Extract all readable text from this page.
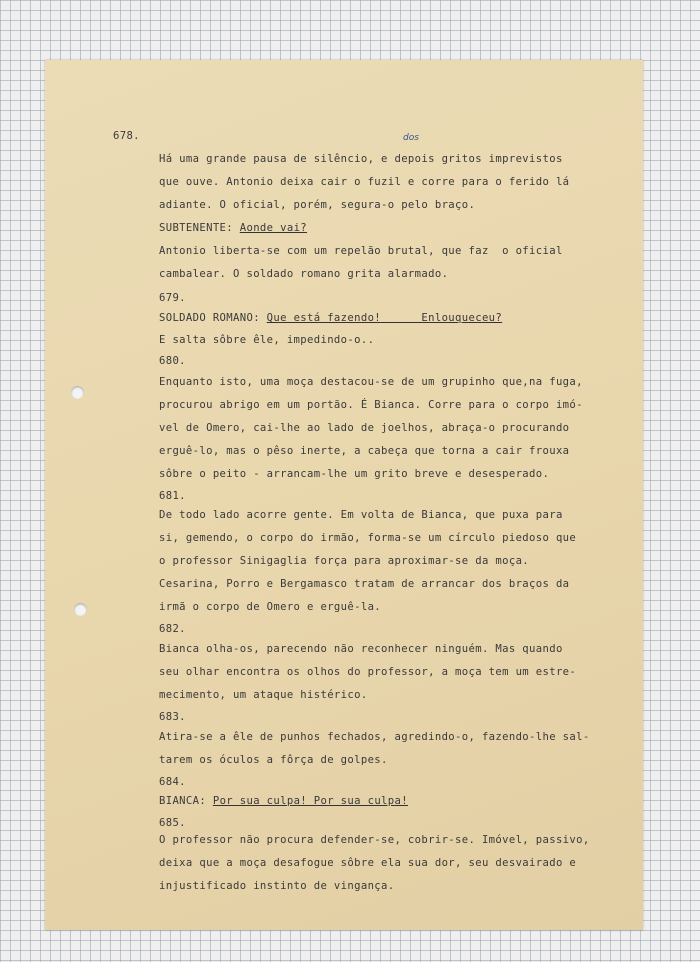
678.	dos
Há uma grande pausa de silêncio, e depois gritos imprevistos
que ouve. Antonio deixa cair o fuzil e corre para o ferido lá
adiante. O oficial, porém, segura-o pelo braço.
SUBTENENTE: Aonde vai?
Antonio liberta-se com um repelão brutal, que faz  o oficial
cambalear. O soldado romano grita alarmado.
679.
SOLDADO ROMANO: Que está fazendo!      Enlouqueceu?
E salta sôbre êle, impedindo-o..
680.
Enquanto isto, uma moça destacou-se de um grupinho que,na fuga,
procurou abrigo em um portão. É Bianca. Corre para o corpo imó-
vel de Omero, cai-lhe ao lado de joelhos, abraça-o procurando
erguê-lo, mas o pêso inerte, a cabeça que torna a cair frouxa
sôbre o peito - arrancam-lhe um grito breve e desesperado.
681.
De todo lado acorre gente. Em volta de Bianca, que puxa para
si, gemendo, o corpo do irmão, forma-se um círculo piedoso que
o professor Sinigaglia força para aproximar-se da moça.
Cesarina, Porro e Bergamasco tratam de arrancar dos braços da
irmã o corpo de Omero e erguê-la.
682.
Bianca olha-os, parecendo não reconhecer ninguém. Mas quando
seu olhar encontra os olhos do professor, a moça tem um estre-
mecimento, um ataque histérico.
683.
Atira-se a êle de punhos fechados, agredindo-o, fazendo-lhe sal-
tarem os óculos a fôrça de golpes.
684.
BIANCA: Por sua culpa! Por sua culpa!
685.
O professor não procura defender-se, cobrir-se. Imóvel, passivo,
deixa que a moça desafogue sôbre ela sua dor, seu desvairado e
injustificado instinto de vingança.
